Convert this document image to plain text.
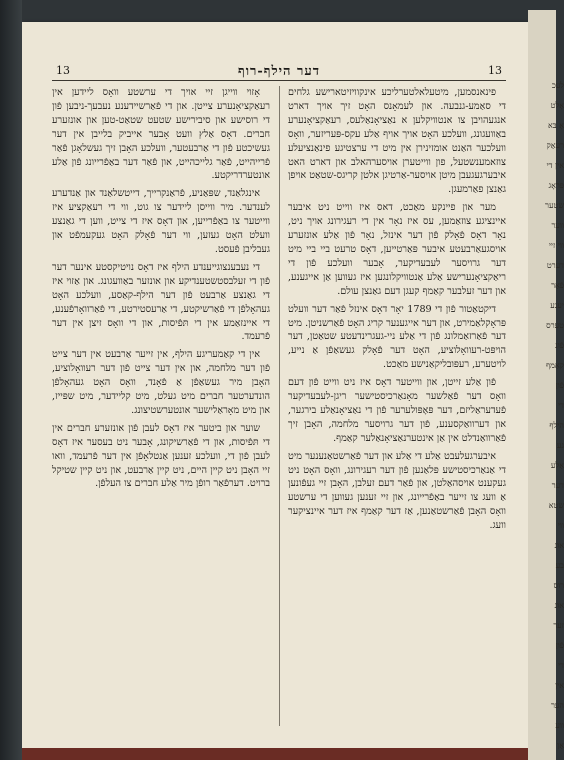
13	דער הילף-רוף	13

פינאנסמען, מיטעלאלטערליכע אינקוויזיטארישע גלחים די סאַמע-גנבעה. און לעמאָנס האָט זיך אויך דארט אנגעהויבן צו אנטוויקלען א נאַציאָנאַלעס, רעאַקציאָנערע באַוועגונג, וועלכע האָט אויך אויף אַלע עקס-פּעריזער, וואָס וועלכער האַנט אומזינירן אין מיט די ערצטיגע פינאַנציעלע צוזאמענשטעל, פון ווייטערן אויסערהאלב און דארט האט איבערגעגעבן מיטן אויסער-אַרטיגן אלטן קריגס-שטאַט אויפן גאַנצן פאַרמעגן.

מער און פיינקע מאַכט, דאס איז ווייט ניט איבער איינציגע צוזאַמען, עס איז נאָר אין די רעגירונג אויך ניט, נאָר דאָס פֿאָלק פֿון דער אינזל, נאָר פֿון אַלע אונזערע אויסגעאַרבעטע איבער פּאַרטייען, דאָס טרעט ביי ביי מיט דער גרויסער לעבעדיקער, אָבער וועלכע פֿון די ריאַקציאָנערישע אַלע אַנטוויקלונגען איז געווען אַן אייגענע, און דער זעלבער קאַמף קעגן דעם גאַנצן עולם.

דיקטאַטור פֿון די 1789 יאָר דאָס אינזל פֿאַר דער וועלט פּראָקלאַמירט, און דער אייגענער קריג האָט פֿאַרשניטן. מיט דער פֿאַרזאַמלונג פֿון די אַלע ניי-געגרינדעטע שטאַטן, דער הויפּט-רעוואָלוציע, האָט דער פֿאָלק געשאַפֿן אַ נייע, לויטערע, רעפּובליקאַנישע מאַכט.

פֿון אַלע זייטן, און ווייטער דאָס איז ניט ווייט פֿון דעם וואָס דער פֿאַלשער מאָנאַרכיסטישער ריגן-לעבעדיקער פֿעדעראַליזם, דער פּאָפּולערער פֿון די נאַציאָנאַלע בירגער, און דערוואַקסענע, פֿון דער גרויסער מלחמה, האָבן זיך פֿאַרוואַנדלט אין אַן אינטערנאַציאָנאַלער קאַמף.

איבערגעלעבט אַלע די אַלע און דער פֿאַרשטאַנענער מיט די אַנאַרכיסטישע פּלאַנען פֿון דער רעגירונג, וואָס האָט ניט געקענט אויסהאַלטן, און פֿאַר דעם זעלבן, האָבן זיי געפֿונען אַ וועג צו זייער באַפֿרייונג, און זיי זענען געווען די ערשטע וואָס האָבן פֿאַרשטאַנען, אַז דער קאַמף איז דער איינציקער וועג.

אָזוי ווייגן זיי אויך די ערשטע וואָס ליידען אין רעאַקציאָנערע צייטן. און די פֿאַרשיידענע נעבעך-ניבען פֿון די רוסישע און סיבירישע שטעט שטאַט-טען און אונזערע חברים. דאָס אַלץ וועט אָבער אייביק בלייבן אין דער געשיכטע פֿון די אַרבעטער, וועלכע האָבן זיך געשלאָגן פֿאַר פֿרייהייט, פֿאַר גלייכהייט, און פֿאַר דער באַפֿרייונג פֿון אַלע אונטערדריקטע.

אינגלאַנד, שפּאַניע, פֿראַנקרייך, דייטשלאַנד און אַנדערע לענדער. מיר ווייסן ליידער צו גוט, ווי די רעאַקציע איז ווייטער צו באַפֿרייען, און דאָס איז די צייט, ווען די גאַנצע וועלט האָט געזען, ווי דער פֿאָלק האָט געקעמפֿט און געבליבן פֿעסט.

די נעבענצוגייענדע הילף איז דאָס נויטיקסטע אינער דער פֿון די זעלבסטשטענדיקע און אונזער באַוועגונג. און אַזוי איז די גאַנצע אַרבעט פֿון דער הילף-קאַסע, וועלכע האָט געהאָלפֿן די פֿאַרשיקטע, די אַרעסטירטע, די פֿאַרוואָרפֿענע, די איינזאַמע אין די תּפֿיסות, און די וואָס זיצן אין דער פֿרעמד.

אין די קאַמעריגע הילף, אין זייער אַרבעט אין דער צייט פֿון דער מלחמה, און אין דער צייט פֿון דער רעוואָלוציע, האָבן מיר געשאַפֿן אַ פֿאָנד, וואָס האָט געהאָלפֿן הונדערטער חברים מיט געלט, מיט קליידער, מיט שפּייז, און מיט מאָראַלישער אונטערשטיצונג.

שוער און ביטער איז דאָס לעבן פֿון אונזערע חברים אין די תּפֿיסות, און די פֿאַרשיקונג, אָבער ניט בעסער איז דאָס לעבן פֿון די, וועלכע זענען אַנטלאָפֿן אין דער פֿרעמד, וואו זיי האָבן ניט קיין היים, ניט קיין אַרבעט, און ניט קיין שטיקל ברויט. דערפֿאַר רופֿן מיר אַלע חברים צו העלפֿן.

לעכ
אָלט
אָ בּא
רעאַק
אין די
פּראָג
שטער
ווער
ווי זיי
דערט
פֿאַר
יענע
טערס
פֿונ
קאַמף
פֿון
די
הילף
גע
אַלע
דער
שטא
ווי
אונ
בע
רוס
אונ
זער
פֿון
די
אין
הער
ווע
אַן
